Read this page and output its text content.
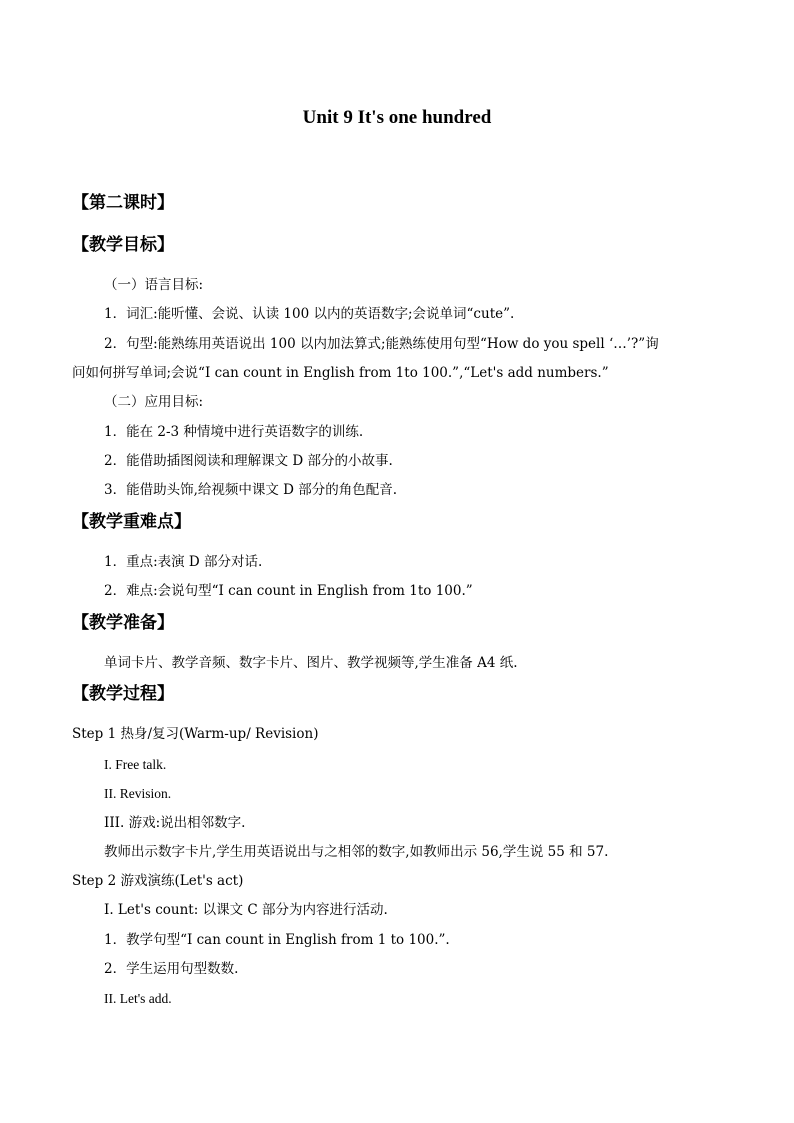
Unit 9 It's one hundred
【第二课时】
【教学目标】
（一）语言目标:
1．词汇:能听懂、会说、认读 100 以内的英语数字;会说单词“cute”.
2．句型:能熟练用英语说出 100 以内加法算式;能熟练使用句型“How do you spell ‘…’?”询
问如何拼写单词;会说“I can count in English from 1to 100.”,“Let's add numbers.”
（二）应用目标:
1．能在 2-3 种情境中进行英语数字的训练.
2．能借助插图阅读和理解课文 D 部分的小故事.
3．能借助头饰,给视频中课文 D 部分的角色配音.
【教学重难点】
1．重点:表演 D 部分对话.
2．难点:会说句型“I can count in English from 1to 100.”
【教学准备】
单词卡片、教学音频、数字卡片、图片、教学视频等,学生准备 A4 纸.
【教学过程】
Step 1 热身/复习(Warm-up/ Revision)
I. Free talk.
II. Revision.
III. 游戏:说出相邻数字.
教师出示数字卡片,学生用英语说出与之相邻的数字,如教师出示 56,学生说 55 和 57.
Step 2 游戏演练(Let's act)
I. Let's count: 以课文 C 部分为内容进行活动.
1．教学句型“I can count in English from 1 to 100.”.
2．学生运用句型数数.
II. Let's add.
